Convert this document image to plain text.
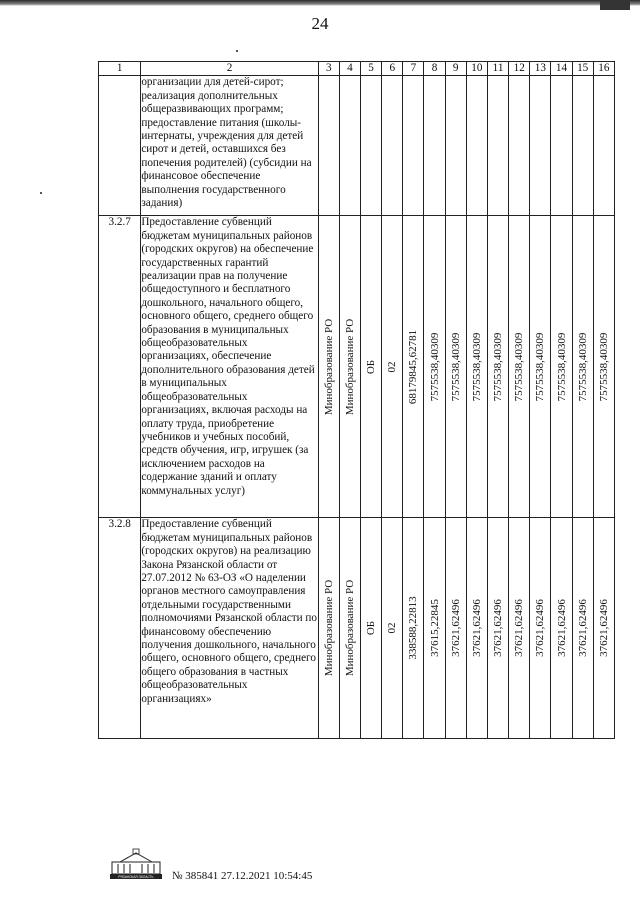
24
1	2	3	4	5	6	7	8	9	10	11	12	13	14	15	16
	организации для детей-сирот; реализация дополнительных общеразвивающих программ; предоставление питания (школы-интернаты, учреждения для детей сирот и детей, оставшихся без попечения родителей) (субсидии на финансовое обеспечение выполнения государственного задания)														
3.2.7	Предоставление субвенций бюджетам муниципальных районов (городских округов) на обеспечение государственных гарантий реализации прав на получение общедоступного и бесплатного дошкольного, начального общего, основного общего, среднего общего образования в муниципальных общеобразовательных организациях, обеспечение дополнительного образования детей в муниципальных общеобразовательных организациях, включая расходы на оплату труда, приобретение учебников и учебных пособий, средств обучения, игр, игрушек (за исключением расходов на содержание зданий и оплату коммунальных услуг)	Минобразование РО	Минобразование РО	ОБ	02	68179845,62781	7575538,40309	7575538,40309	7575538,40309	7575538,40309	7575538,40309	7575538,40309	7575538,40309	7575538,40309	7575538,40309

3.2.8	Предоставление субвенций бюджетам муниципальных районов (городских округов) на реализацию Закона Рязанской области от 27.07.2012 № 63-ОЗ «О наделении органов местного самоуправления отдельными государственными полномочиями Рязанской области по финансовому обеспечению получения дошкольного, начального общего, основного общего, среднего общего образования в частных общеобразовательных организациях»	Минобразование РО	Минобразование РО	ОБ	02	338588,22813	37615,22845	37621,62496	37621,62496	37621,62496	37621,62496	37621,62496	37621,62496	37621,62496	37621,62496
РЯЗАНСКАЯ ОБЛАСТЬ № 385841 27.12.2021 10:54:45
